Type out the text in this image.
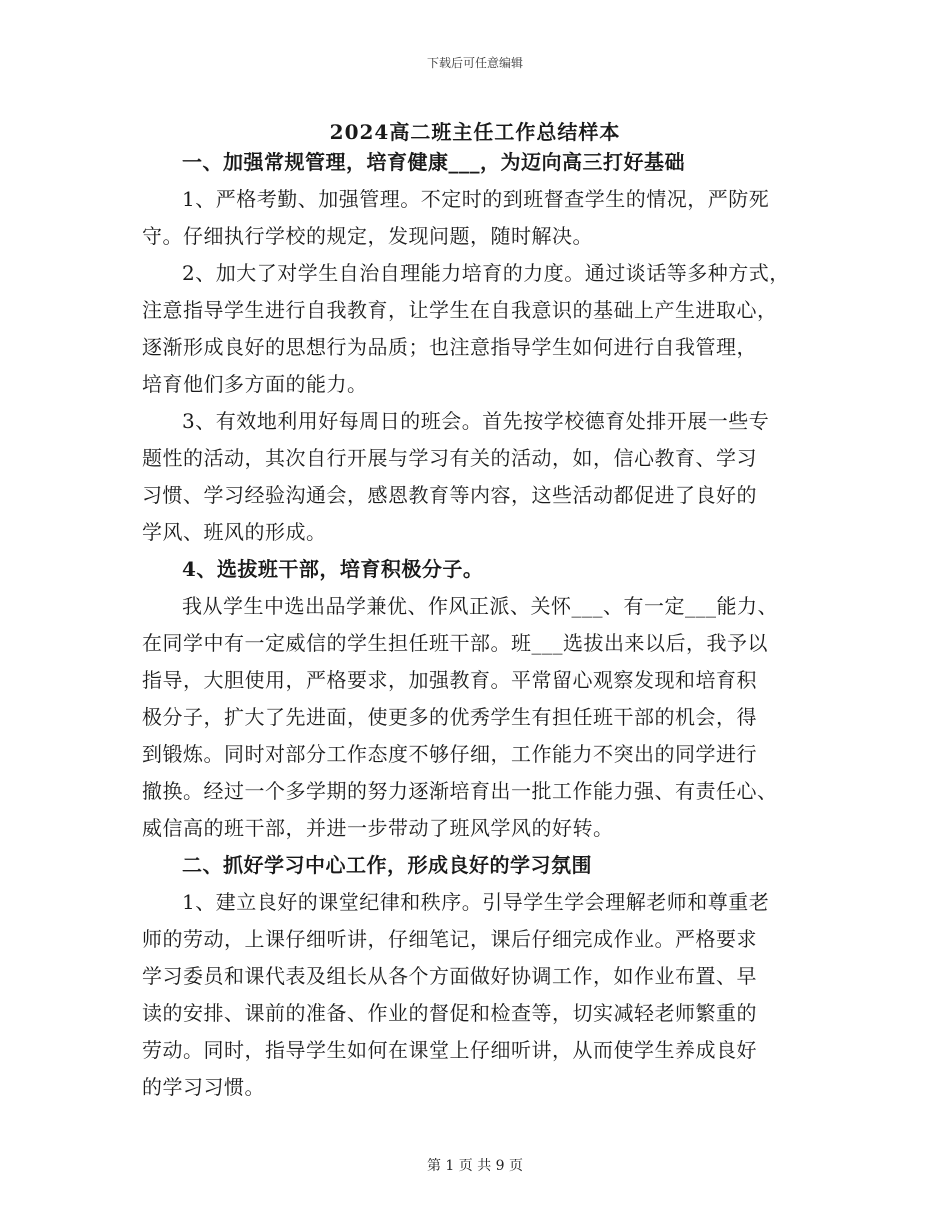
下载后可任意编辑
2024高二班主任工作总结样本
一、加强常规管理，培育健康___，为迈向高三打好基础
1、严格考勤、加强管理。不定时的到班督查学生的情况，严防死
守。仔细执行学校的规定，发现问题，随时解决。
2、加大了对学生自治自理能力培育的力度。通过谈话等多种方式，
注意指导学生进行自我教育，让学生在自我意识的基础上产生进取心，
逐渐形成良好的思想行为品质；也注意指导学生如何进行自我管理，
培育他们多方面的能力。
3、有效地利用好每周日的班会。首先按学校德育处排开展一些专
题性的活动，其次自行开展与学习有关的活动，如，信心教育、学习
习惯、学习经验沟通会，感恩教育等内容，这些活动都促进了良好的
学风、班风的形成。
4、选拔班干部，培育积极分子。
我从学生中选出品学兼优、作风正派、关怀___、有一定___能力、
在同学中有一定威信的学生担任班干部。班___选拔出来以后，我予以
指导，大胆使用，严格要求，加强教育。平常留心观察发现和培育积
极分子，扩大了先进面，使更多的优秀学生有担任班干部的机会，得
到锻炼。同时对部分工作态度不够仔细，工作能力不突出的同学进行
撤换。经过一个多学期的努力逐渐培育出一批工作能力强、有责任心、
威信高的班干部，并进一步带动了班风学风的好转。
二、抓好学习中心工作，形成良好的学习氛围
1、建立良好的课堂纪律和秩序。引导学生学会理解老师和尊重老
师的劳动，上课仔细听讲，仔细笔记，课后仔细完成作业。严格要求
学习委员和课代表及组长从各个方面做好协调工作，如作业布置、早
读的安排、课前的准备、作业的督促和检查等，切实减轻老师繁重的
劳动。同时，指导学生如何在课堂上仔细听讲，从而使学生养成良好
的学习习惯。
第 1 页 共 9 页
